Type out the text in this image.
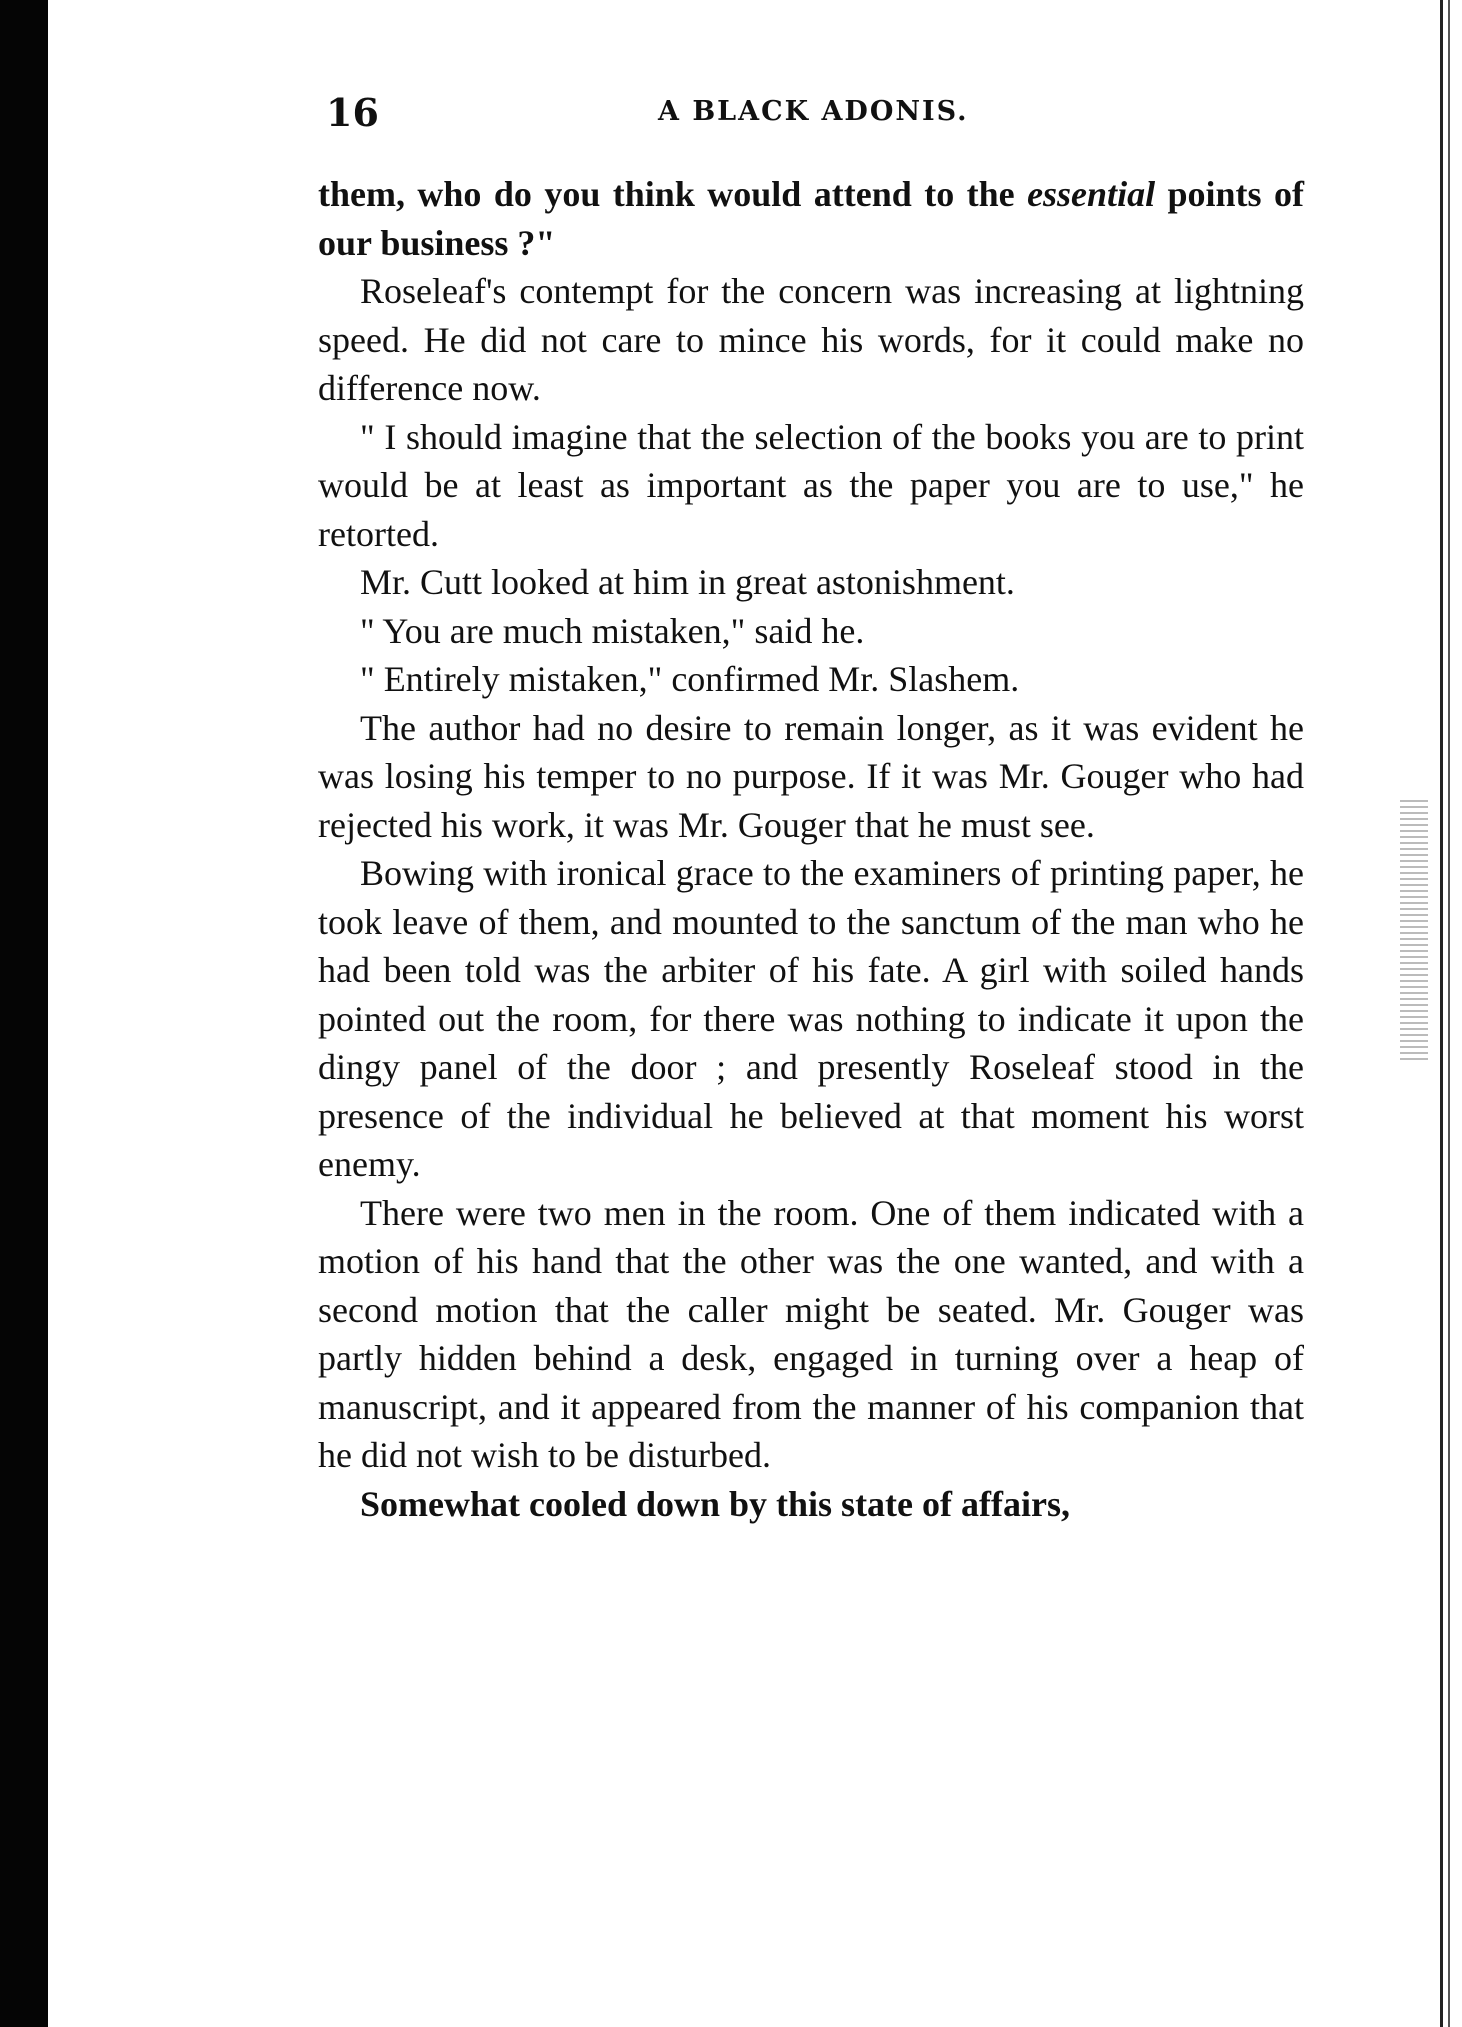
16	A BLACK ADONIS.

them, who do you think would attend to the essential points of our business ?"

Roseleaf's contempt for the concern was increasing at lightning speed. He did not care to mince his words, for it could make no difference now.

" I should imagine that the selection of the books you are to print would be at least as important as the paper you are to use," he retorted.

Mr. Cutt looked at him in great astonishment.

" You are much mistaken," said he.

" Entirely mistaken," confirmed Mr. Slashem.

The author had no desire to remain longer, as it was evident he was losing his temper to no purpose. If it was Mr. Gouger who had rejected his work, it was Mr. Gouger that he must see.

Bowing with ironical grace to the examiners of printing paper, he took leave of them, and mounted to the sanctum of the man who he had been told was the arbiter of his fate. A girl with soiled hands pointed out the room, for there was nothing to indicate it upon the dingy panel of the door ; and presently Roseleaf stood in the presence of the individual he believed at that moment his worst enemy.

There were two men in the room. One of them indicated with a motion of his hand that the other was the one wanted, and with a second motion that the caller might be seated. Mr. Gouger was partly hidden behind a desk, engaged in turning over a heap of manuscript, and it appeared from the manner of his companion that he did not wish to be disturbed.

Somewhat cooled down by this state of affairs,
